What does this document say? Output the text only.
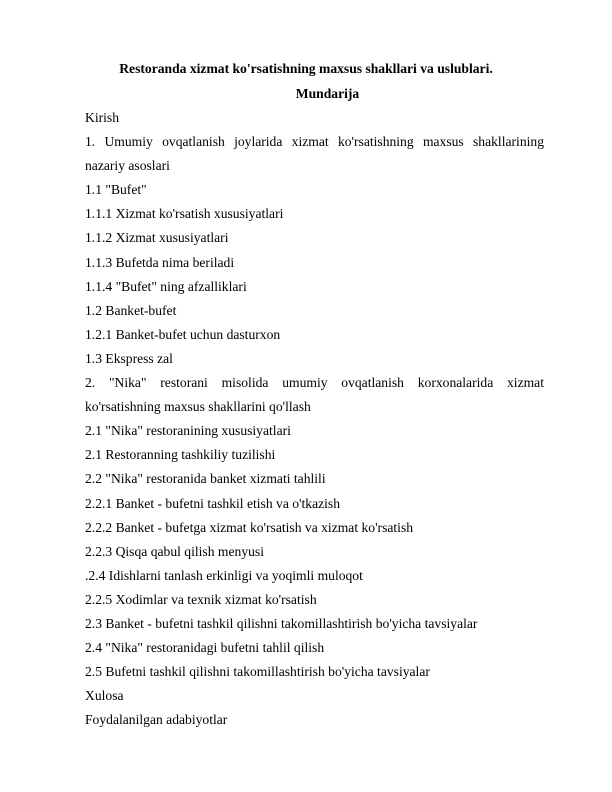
Restoranda xizmat ko'rsatishning maxsus shakllari va uslublari.
Mundarija
Kirish
1. Umumiy ovqatlanish joylarida xizmat ko'rsatishning maxsus shakllarining nazariy asoslari
1.1 "Bufet"
1.1.1 Xizmat ko'rsatish xususiyatlari
1.1.2 Xizmat xususiyatlari
1.1.3 Bufetda nima beriladi
1.1.4 "Bufet" ning afzalliklari
1.2 Banket-bufet
1.2.1 Banket-bufet uchun dasturxon
1.3 Ekspress zal
2. "Nika" restorani misolida umumiy ovqatlanish korxonalarida xizmat ko'rsatishning maxsus shakllarini qo'llash
2.1 "Nika" restoranining xususiyatlari
2.1 Restoranning tashkiliy tuzilishi
2.2 "Nika" restoranida banket xizmati tahlili
2.2.1 Banket - bufetni tashkil etish va o'tkazish
2.2.2 Banket - bufetga xizmat ko'rsatish va xizmat ko'rsatish
2.2.3 Qisqa qabul qilish menyusi
.2.4 Idishlarni tanlash erkinligi va yoqimli muloqot
2.2.5 Xodimlar va texnik xizmat ko'rsatish
2.3 Banket - bufetni tashkil qilishni takomillashtirish bo'yicha tavsiyalar
2.4 "Nika" restoranidagi bufetni tahlil qilish
2.5 Bufetni tashkil qilishni takomillashtirish bo'yicha tavsiyalar
Xulosa
Foydalanilgan adabiyotlar
